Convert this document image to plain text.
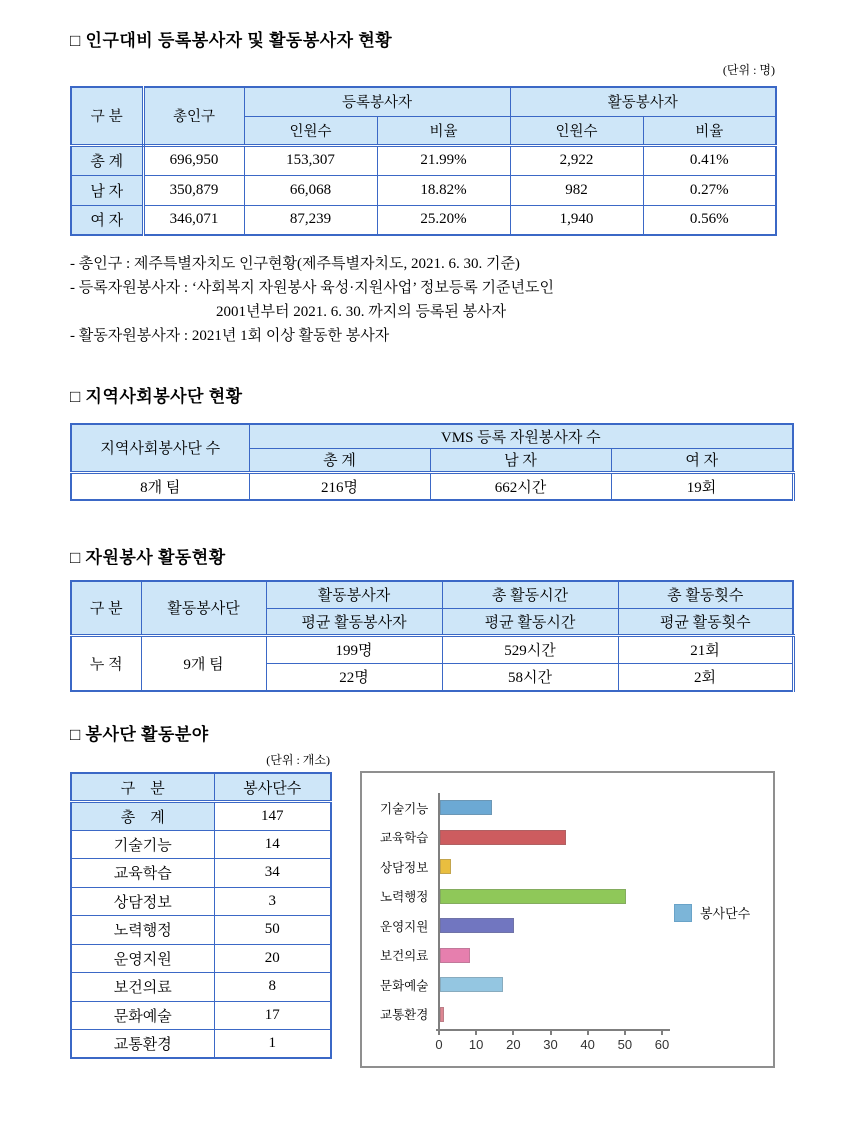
□ 인구대비 등록봉사자 및 활동봉사자 현황
(단위 : 명)
구 분	총인구	등록봉사자		활동봉사자	
		인원수	비율	인원수	비율
총 계	696,950	153,307	21.99%	2,922	0.41%
남 자	350,879	66,068	18.82%	982	0.27%
여 자	346,071	87,239	25.20%	1,940	0.56%
- 총인구 : 제주특별자치도 인구현황(제주특별자치도, 2021. 6. 30. 기준)
- 등록자원봉사자 : ‘사회복지 자원봉사 육성·지원사업’ 정보등록 기준년도인
2001년부터 2021. 6. 30. 까지의 등록된 봉사자
- 활동자원봉사자 : 2021년 1회 이상 활동한 봉사자
□ 지역사회봉사단 현황
지역사회봉사단 수	VMS 등록 자원봉사자 수		
	총 계	남 자	여 자
8개 팀	216명	662시간	19회
□ 자원봉사 활동현황
구 분	활동봉사단	활동봉사자	총 활동시간	총 활동횟수
		평균 활동봉사자	평균 활동시간	평균 활동횟수
누 적	9개 팀	199명	529시간	21회
		22명	58시간	2회
□ 봉사단 활동분야
(단위 : 개소)
구    분	봉사단수
총    계	147
기술기능	14
교육학습	34
상담정보	3
노력행정	50
운영지원	20
보건의료	8
문화예술	17
교통환경	1
봉사단수
기술기능
교육학습
상담정보
노력행정
운영지원
보건의료
문화예술
교통환경
0	10	20	30	40	50	60
